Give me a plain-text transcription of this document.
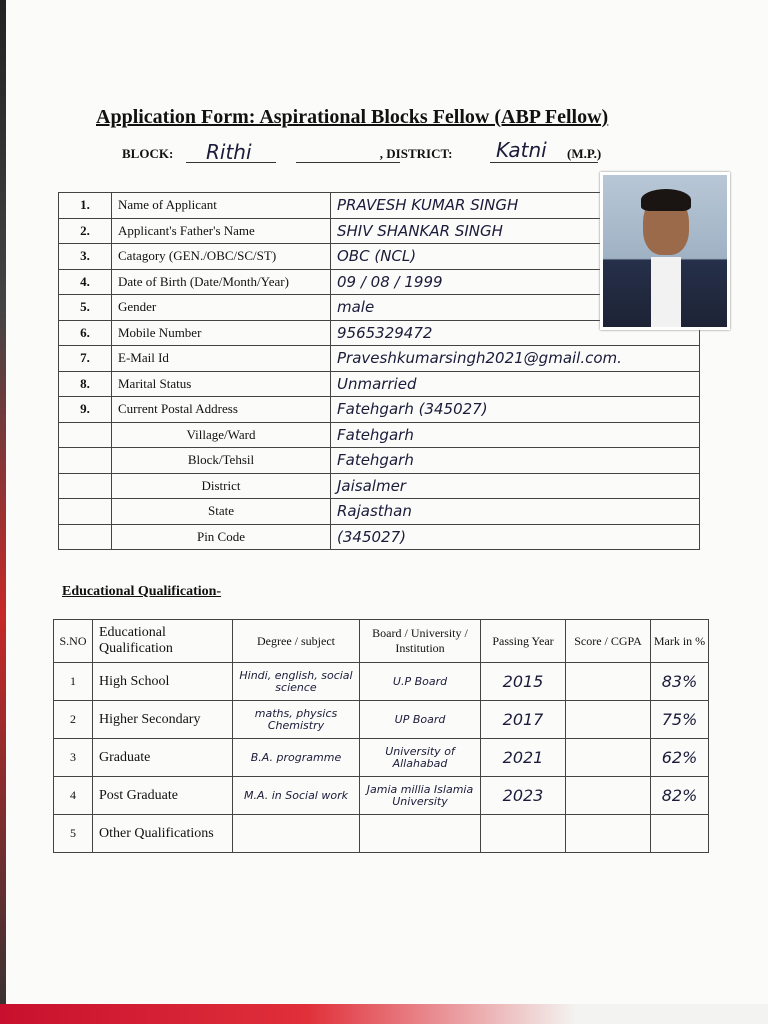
Application Form: Aspirational Blocks Fellow (ABP Fellow)
BLOCK:	, DISTRICT:	(M.P.)
Rithi	Katni
1.	Name of Applicant	PRAVESH KUMAR SINGH
2.	Applicant's Father's Name	SHIV SHANKAR SINGH
3.	Catagory (GEN./OBC/SC/ST)	OBC (NCL)
4.	Date of Birth (Date/Month/Year)	09 / 08 / 1999
5.	Gender	male
6.	Mobile Number	9565329472
7.	E-Mail Id	Praveshkumarsingh2021@gmail.com.
8.	Marital Status	Unmarried
9.	Current Postal Address	Fatehgarh (345027)
	Village/Ward	Fatehgarh
	Block/Tehsil	Fatehgarh
	District	Jaisalmer
	State	Rajasthan
	Pin Code	(345027)
Educational Qualification-
S.NO	Educational Qualification	Degree / subject	Board / University / Institution	Passing Year	Score / CGPA	Mark in %
1	High School	Hindi, english, social science	U.P Board	2015		83%
2	Higher Secondary	maths, physics Chemistry	UP Board	2017		75%
3	Graduate	B.A. programme	University of Allahabad	2021		62%
4	Post Graduate	M.A. in Social work	Jamia millia Islamia University	2023		82%
5	Other Qualifications					
